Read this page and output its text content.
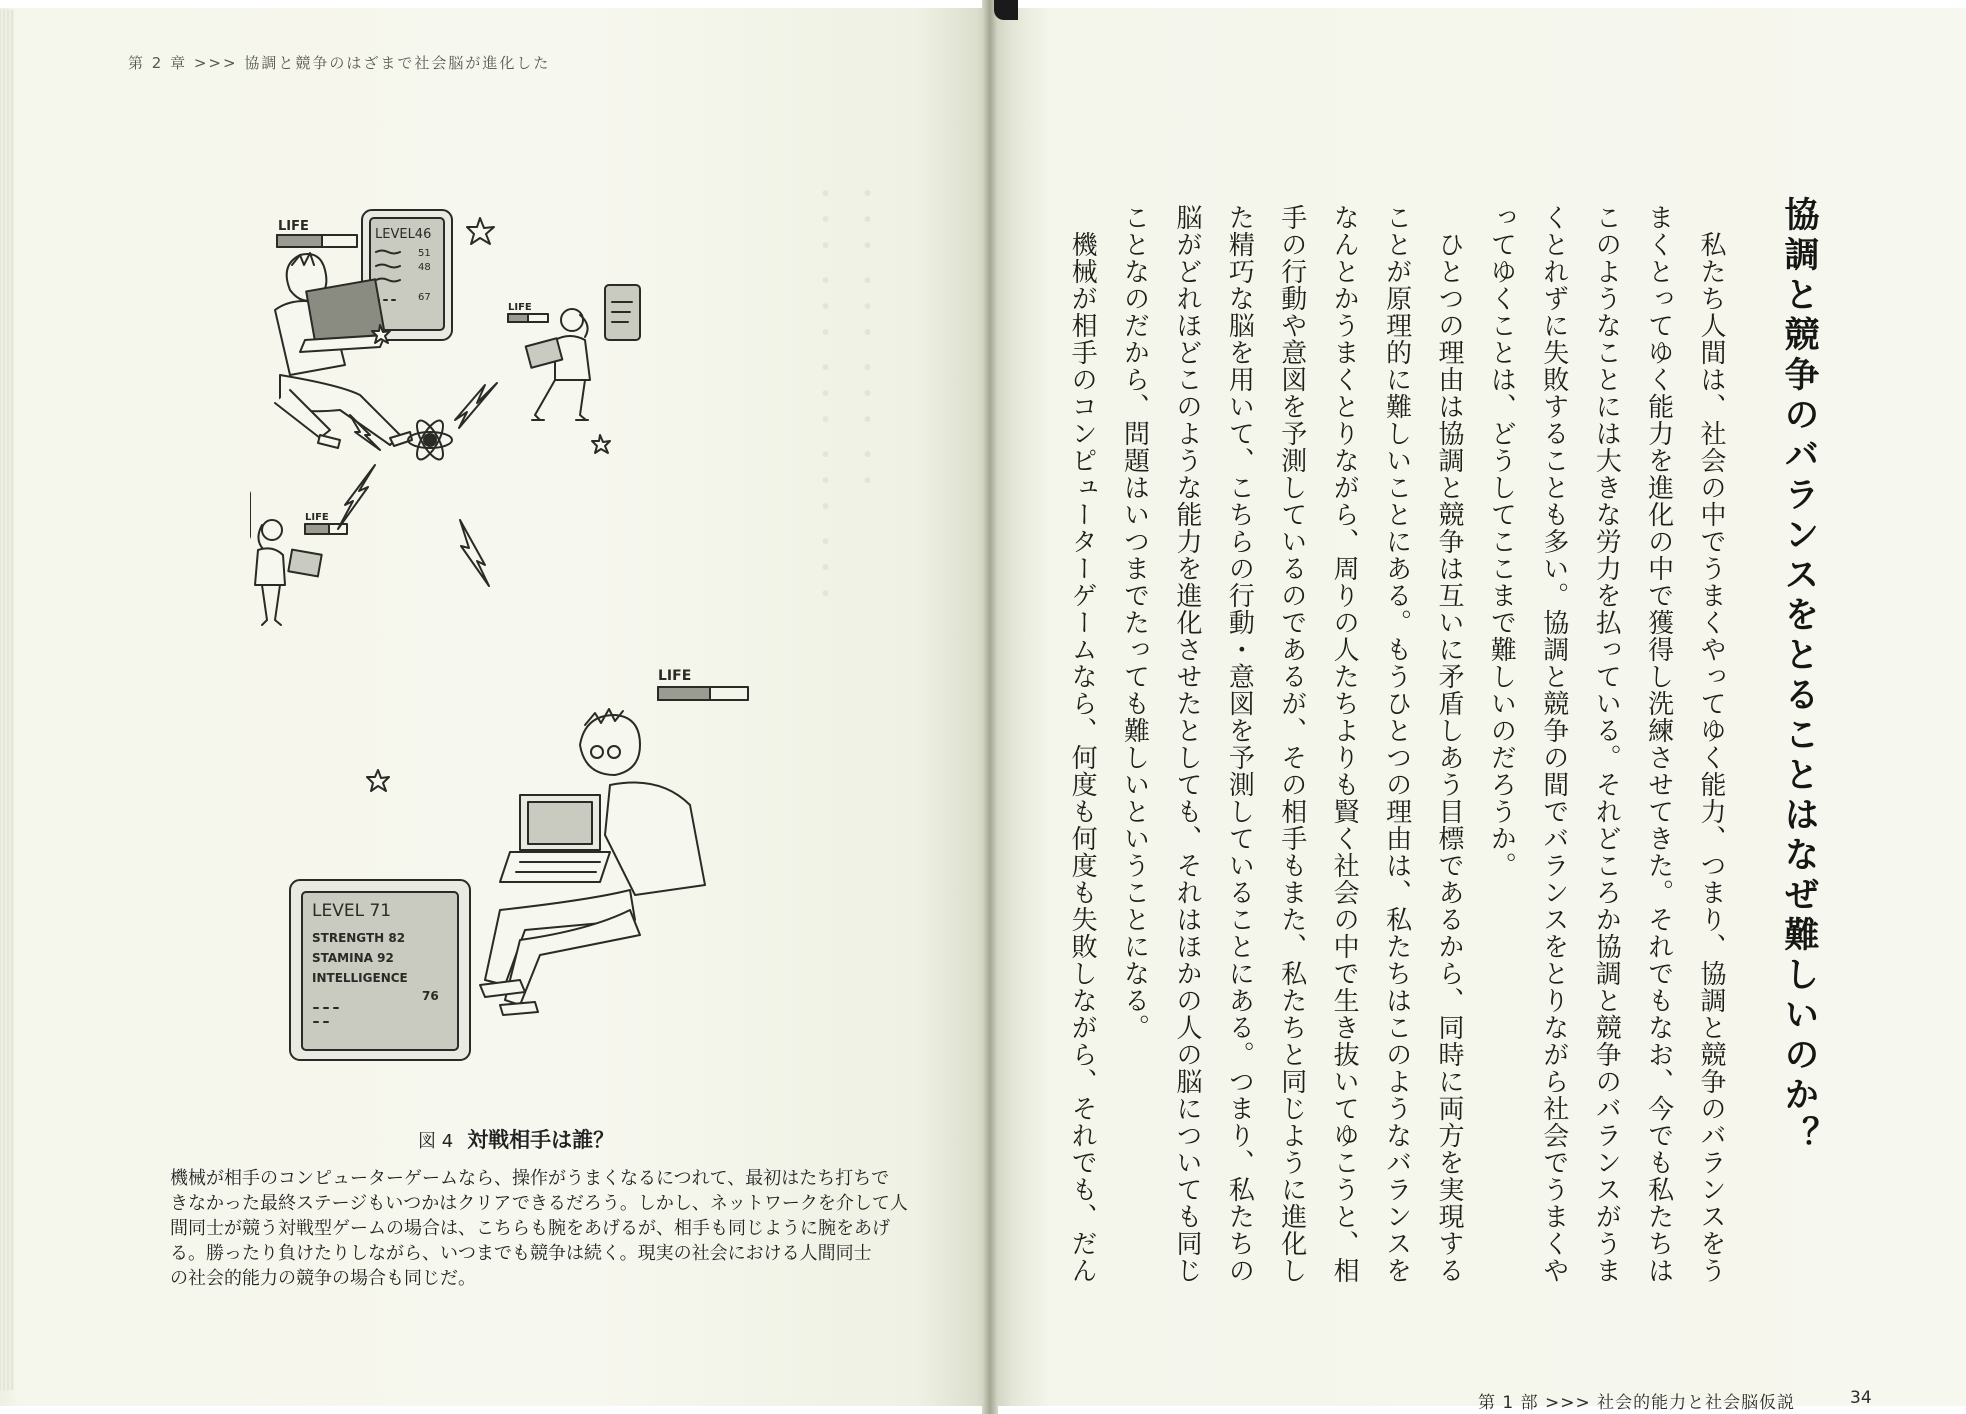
第 2 章 >>> 協調と競争のはざまで社会脳が進化した
・・・ ・・・ ・・・ ・・
・・・ ・・・ ・・・ ・・・ ・・・
LIFE
LEVEL46
51
48
67
LIFE
LIFE
LIFE
LEVEL 71
STRENGTH 82
STAMINA 92
INTELLIGENCE
76
図 4 対戦相手は誰？
機械が相手のコンピューターゲームなら、操作がうまくなるにつれて、最初はたち打ちで
きなかった最終ステージもいつかはクリアできるだろう。しかし、ネットワークを介して人
間同士が競う対戦型ゲームの場合は、こちらも腕をあげるが、相手も同じように腕をあげ
る。勝ったり負けたりしながら、いつまでも競争は続く。現実の社会における人間同士
の社会的能力の競争の場合も同じだ。
協調と競争のバランスをとることはなぜ難しいのか？
　私たち人間は、社会の中でうまくやってゆく能力、つまり、協調と競争のバランスをう
まくとってゆく能力を進化の中で獲得し洗練させてきた。それでもなお、今でも私たちは
このようなことには大きな労力を払っている。それどころか協調と競争のバランスがうま
くとれずに失敗することも多い。協調と競争の間でバランスをとりながら社会でうまくや
ってゆくことは、どうしてここまで難しいのだろうか。
　ひとつの理由は協調と競争は互いに矛盾しあう目標であるから、同時に両方を実現する
ことが原理的に難しいことにある。もうひとつの理由は、私たちはこのようなバランスを
なんとかうまくとりながら、周りの人たちよりも賢く社会の中で生き抜いてゆこうと、相
手の行動や意図を予測しているのであるが、その相手もまた、私たちと同じように進化し
た精巧な脳を用いて、こちらの行動・意図を予測していることにある。つまり、私たちの
脳がどれほどこのような能力を進化させたとしても、それはほかの人の脳についても同じ
ことなのだから、問題はいつまでたっても難しいということになる。
　機械が相手のコンピューターゲームなら、何度も何度も失敗しながら、それでも、だん
第 1 部 >>> 社会的能力と社会脳仮説	34
